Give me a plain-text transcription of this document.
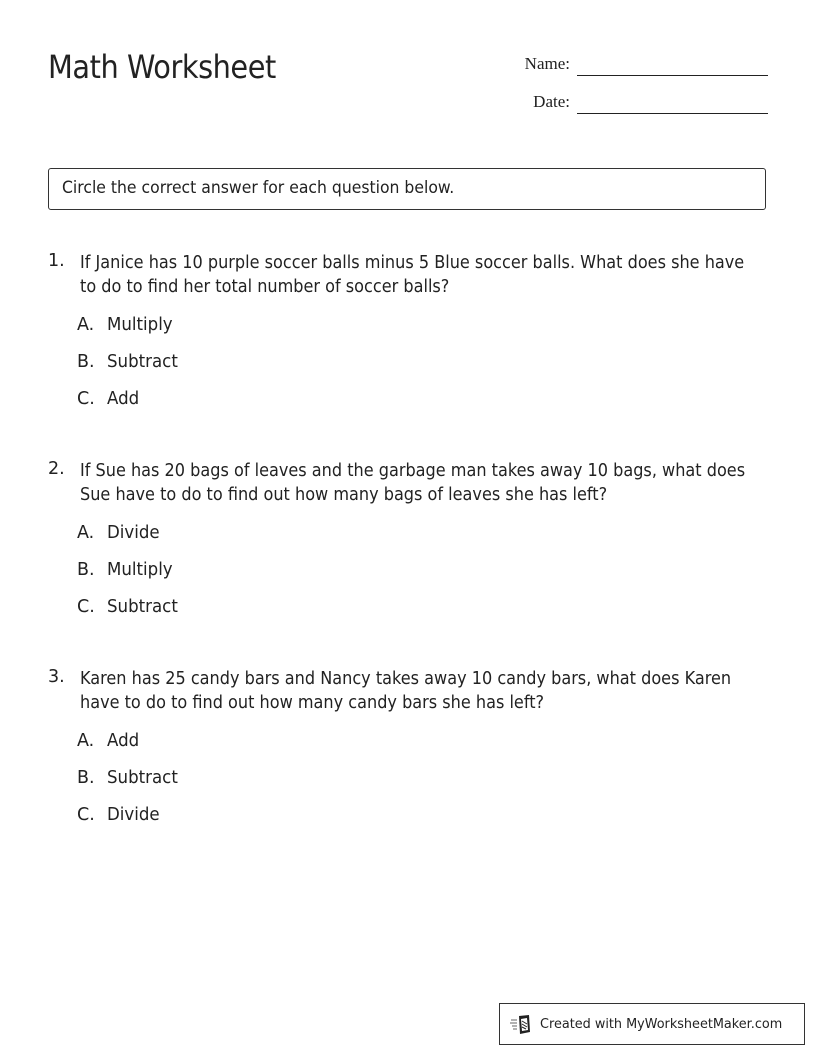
Math Worksheet	Name:
Date:
Circle the correct answer for each question below.
1. If Janice has 10 purple soccer balls minus 5 Blue soccer balls. What does she have to do to find her total number of soccer balls?
A. Multiply
B. Subtract
C. Add
2. If Sue has 20 bags of leaves and the garbage man takes away 10 bags, what does Sue have to do to find out how many bags of leaves she has left?
A. Divide
B. Multiply
C. Subtract
3. Karen has 25 candy bars and Nancy takes away 10 candy bars, what does Karen have to do to find out how many candy bars she has left?
A. Add
B. Subtract
C. Divide
Created with MyWorksheetMaker.com
